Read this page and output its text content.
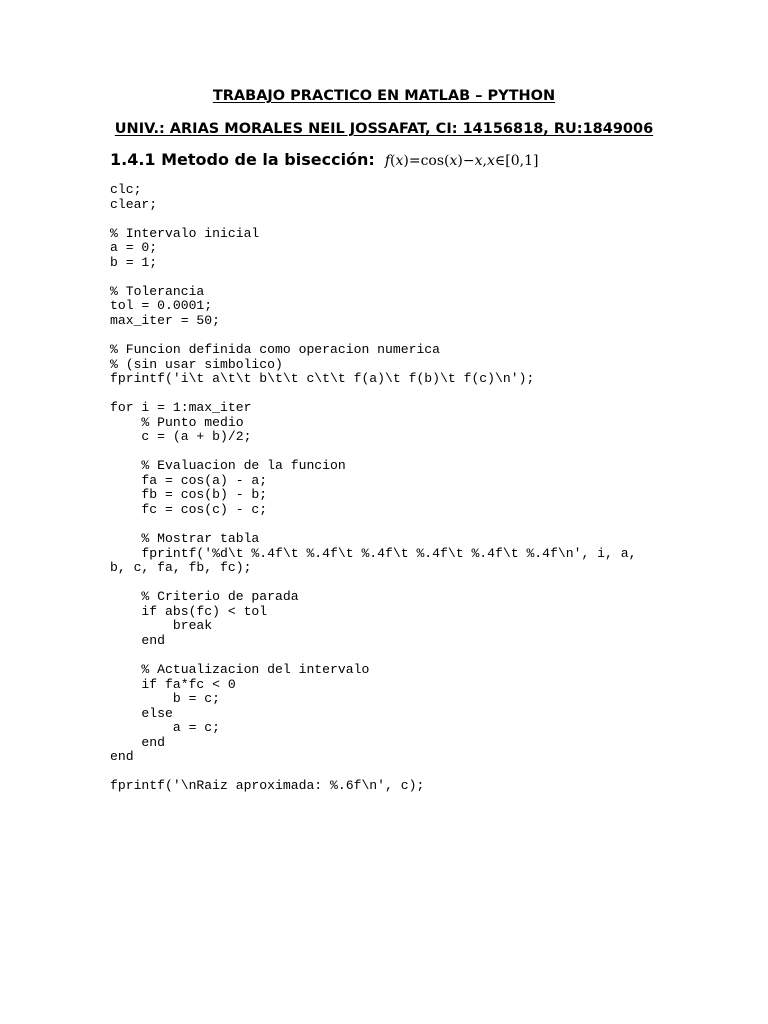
TRABAJO PRACTICO EN MATLAB – PYTHON

UNIV.: ARIAS MORALES NEIL JOSSAFAT, CI: 14156818, RU:1849006

1.4.1 Metodo de la bisección: f(x)=cos(x)−x,x∈[0,1]
clc;
clear;

% Intervalo inicial
a = 0;
b = 1;

% Tolerancia
tol = 0.0001;
max_iter = 50;

% Funcion definida como operacion numerica
% (sin usar simbolico)
fprintf('i\t a\t\t b\t\t c\t\t f(a)\t f(b)\t f(c)\n');

for i = 1:max_iter
% Punto medio
c = (a + b)/2;

% Evaluacion de la funcion
fa = cos(a) - a;
fb = cos(b) - b;
fc = cos(c) - c;

% Mostrar tabla
fprintf('%d\t %.4f\t %.4f\t %.4f\t %.4f\t %.4f\t %.4f\n', i, a,
b, c, fa, fb, fc);

% Criterio de parada
if abs(fc) < tol
break
end

% Actualizacion del intervalo
if fa*fc < 0
b = c;
else
a = c;
end
end

fprintf('\nRaiz aproximada: %.6f\n', c);
